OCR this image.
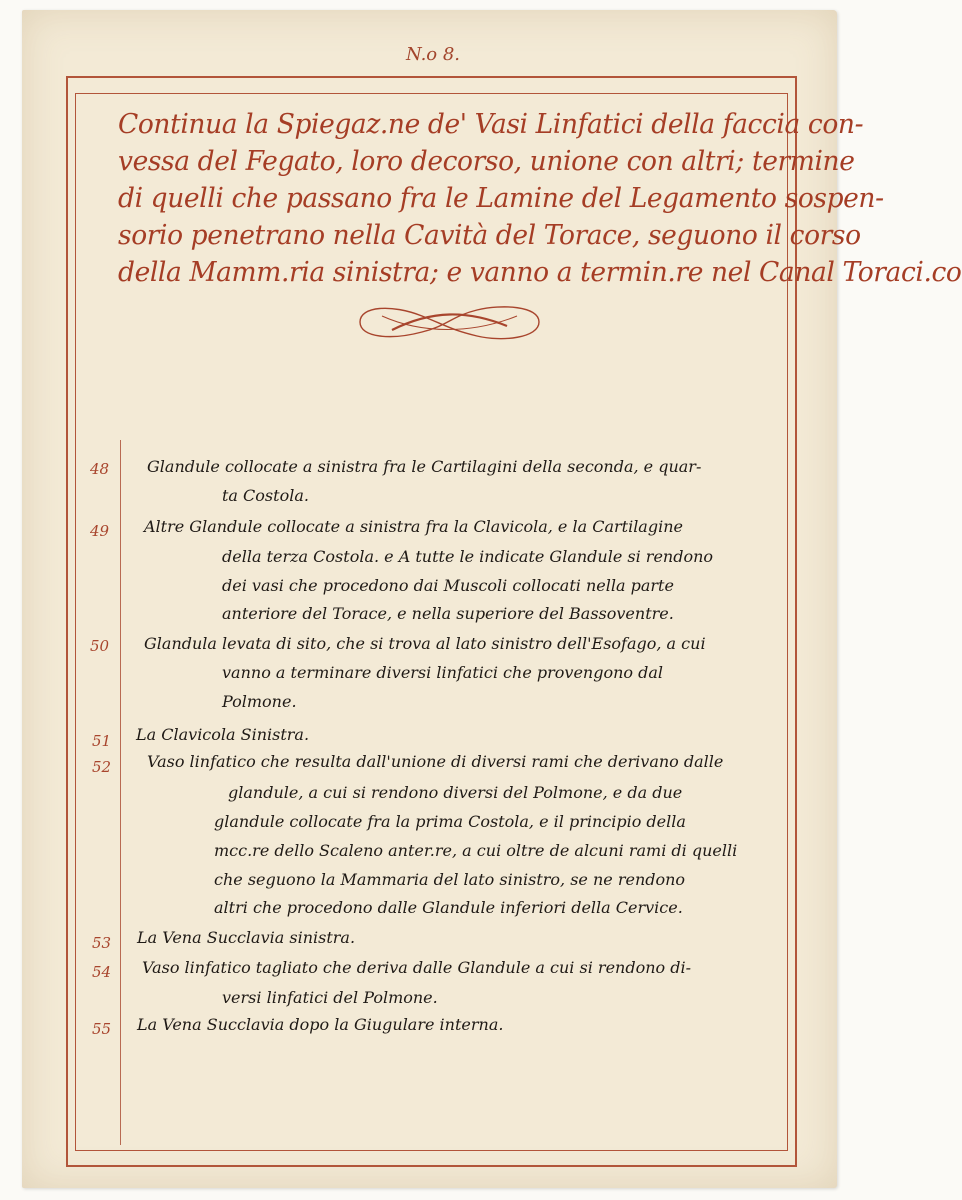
N.o 8.
Continua la Spiegaz.ne de' Vasi Linfatici della faccia con-
vessa del Fegato, loro decorso, unione con altri; termine
di quelli che passano fra le Lamine del Legamento sospen-
sorio penetrano nella Cavità del Torace, seguono il corso
della Mamm.ria sinistra; e vanno a termin.re nel Canal Toraci.co
48	Glandule collocate a sinistra fra le Cartilagini della seconda, e quar-
ta Costola.
49	Altre Glandule collocate a sinistra fra la Clavicola, e la Cartilagine
della terza Costola. e A tutte le indicate Glandule si rendono
dei vasi che procedono dai Muscoli collocati nella parte
anteriore del Torace, e nella superiore del Bassoventre.
50	Glandula levata di sito, che si trova al lato sinistro dell'Esofago, a cui
vanno a terminare diversi linfatici che provengono dal
Polmone.
51	La Clavicola Sinistra.
52	Vaso linfatico che resulta dall'unione di diversi rami che derivano dalle
glandule, a cui si rendono diversi del Polmone, e da due
glandule collocate fra la prima Costola, e il principio della
mcc.re dello Scaleno anter.re, a cui oltre de alcuni rami di quelli
che seguono la Mammaria del lato sinistro, se ne rendono
altri che procedono dalle Glandule inferiori della Cervice.
53	La Vena Succlavia sinistra.
54	Vaso linfatico tagliato che deriva dalle Glandule a cui si rendono di-
versi linfatici del Polmone.
55	La Vena Succlavia dopo la Giugulare interna.
